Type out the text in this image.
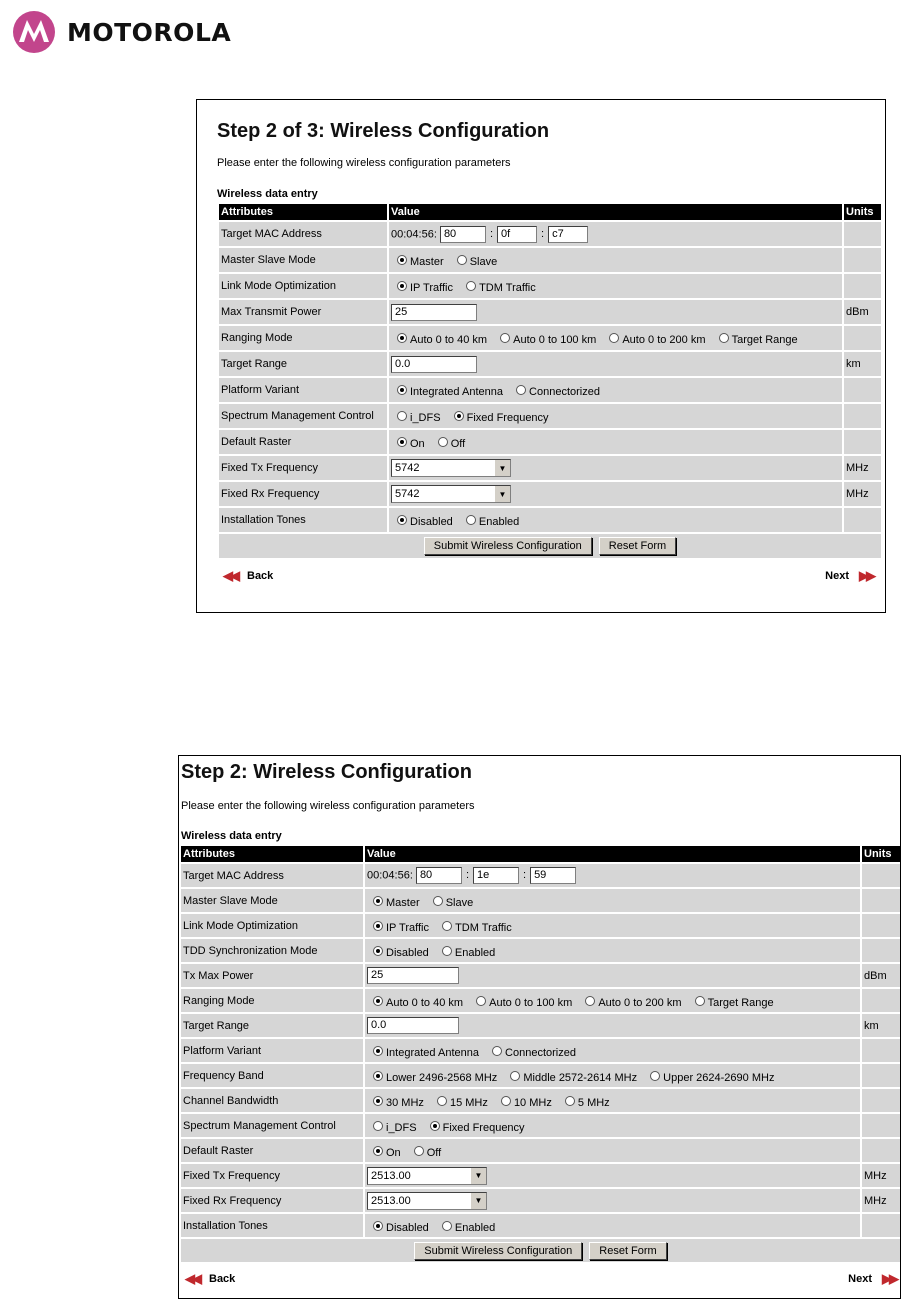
MOTOROLA
Step 2 of 3: Wireless Configuration
Please enter the following wireless configuration parameters
Wireless data entry
Attributes	Value	Units
Target MAC Address	00:04:56: 80 : 0f : c7	
Master Slave Mode	Master Slave	
Link Mode Optimization	IP Traffic TDM Traffic	
Max Transmit Power	25	dBm
Ranging Mode	Auto 0 to 40 km Auto 0 to 100 km Auto 0 to 200 km Target Range	
Target Range	0.0	km
Platform Variant	Integrated Antenna Connectorized	
Spectrum Management Control	i_DFS Fixed Frequency	
Default Raster	On Off	
Fixed Tx Frequency	5742 ▼	MHz
Fixed Rx Frequency	5742 ▼	MHz
Installation Tones	Disabled Enabled	
Submit Wireless Configuration Reset Form		
◀◀ Back	Next ▶▶
Step 2: Wireless Configuration
Please enter the following wireless configuration parameters
Wireless data entry
Attributes	Value	Units
Target MAC Address	00:04:56: 80 : 1e : 59	
Master Slave Mode	Master Slave	
Link Mode Optimization	IP Traffic TDM Traffic	
TDD Synchronization Mode	Disabled Enabled	
Tx Max Power	25	dBm
Ranging Mode	Auto 0 to 40 km Auto 0 to 100 km Auto 0 to 200 km Target Range	
Target Range	0.0	km
Platform Variant	Integrated Antenna Connectorized	
Frequency Band	Lower 2496-2568 MHz Middle 2572-2614 MHz Upper 2624-2690 MHz	
Channel Bandwidth	30 MHz 15 MHz 10 MHz 5 MHz	
Spectrum Management Control	i_DFS Fixed Frequency	
Default Raster	On Off	
Fixed Tx Frequency	2513.00 ▼	MHz
Fixed Rx Frequency	2513.00 ▼	MHz
Installation Tones	Disabled Enabled	
Submit Wireless Configuration Reset Form		
◀◀ Back	Next ▶▶
